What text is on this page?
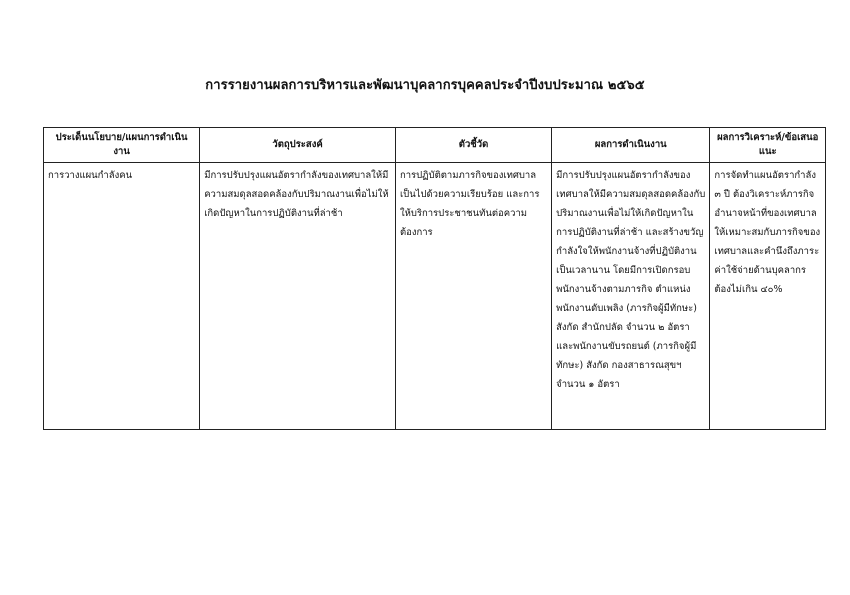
การรายงานผลการบริหารและพัฒนาบุคลากรบุคคลประจำปีงบประมาณ ๒๕๖๕
ประเด็นนโยบาย/แผนการดำเนินงาน	วัตถุประสงค์	ตัวชี้วัด	ผลการดำเนินงาน	ผลการวิเคราะห์/ข้อเสนอแนะ
การวางแผนกำลังคน	มีการปรับปรุงแผนอัตรากำลังของเทศบาลให้มีความสมดุลสอดคล้องกับปริมาณงานเพื่อไม่ให้เกิดปัญหาในการปฏิบัติงานที่ล่าช้า	การปฏิบัติตามภารกิจของเทศบาลเป็นไปด้วยความเรียบร้อย และการให้บริการประชาชนทันต่อความต้องการ	มีการปรับปรุงแผนอัตรากำลังของเทศบาลให้มีความสมดุลสอดคล้องกับปริมาณงานเพื่อไม่ให้เกิดปัญหาในการปฏิบัติงานที่ล่าช้า และสร้างขวัญกำลังใจให้พนักงานจ้างที่ปฏิบัติงานเป็นเวลานาน โดยมีการเปิดกรอบพนักงานจ้างตามภารกิจ ตำแหน่ง พนักงานดับเพลิง (ภารกิจผู้มีทักษะ) สังกัด สำนักปลัด จำนวน ๒ อัตราและพนักงานขับรถยนต์ (ภารกิจผู้มีทักษะ) สังกัด กองสาธารณสุขฯ จำนวน ๑ อัตรา	การจัดทำแผนอัตรากำลัง ๓ ปี ต้องวิเคราะห์ภารกิจอำนาจหน้าที่ของเทศบาล ให้เหมาะสมกับภารกิจของเทศบาลและคำนึงถึงภาระค่าใช้จ่ายด้านบุคลากรต้องไม่เกิน ๔๐%
